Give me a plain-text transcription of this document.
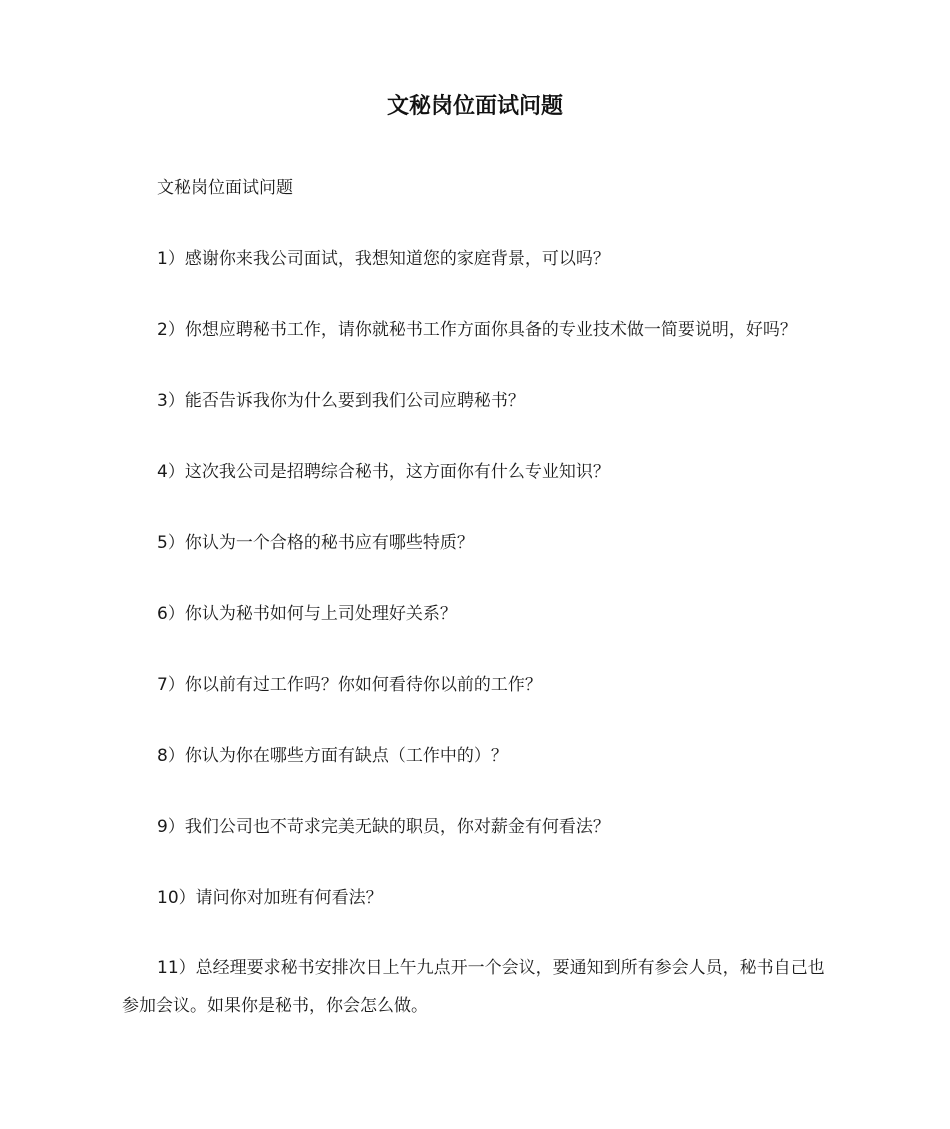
文秘岗位面试问题

文秘岗位面试问题

1）感谢你来我公司面试，我想知道您的家庭背景，可以吗？
2）你想应聘秘书工作，请你就秘书工作方面你具备的专业技术做一简要说明，好吗？
3）能否告诉我你为什么要到我们公司应聘秘书？
4）这次我公司是招聘综合秘书，这方面你有什么专业知识？
5）你认为一个合格的秘书应有哪些特质？
6）你认为秘书如何与上司处理好关系？
7）你以前有过工作吗？你如何看待你以前的工作？
8）你认为你在哪些方面有缺点（工作中的）？
9）我们公司也不苛求完美无缺的职员，你对薪金有何看法？
10）请问你对加班有何看法？
11）总经理要求秘书安排次日上午九点开一个会议，要通知到所有参会人员，秘书自己也参加会议。如果你是秘书，你会怎么做。
